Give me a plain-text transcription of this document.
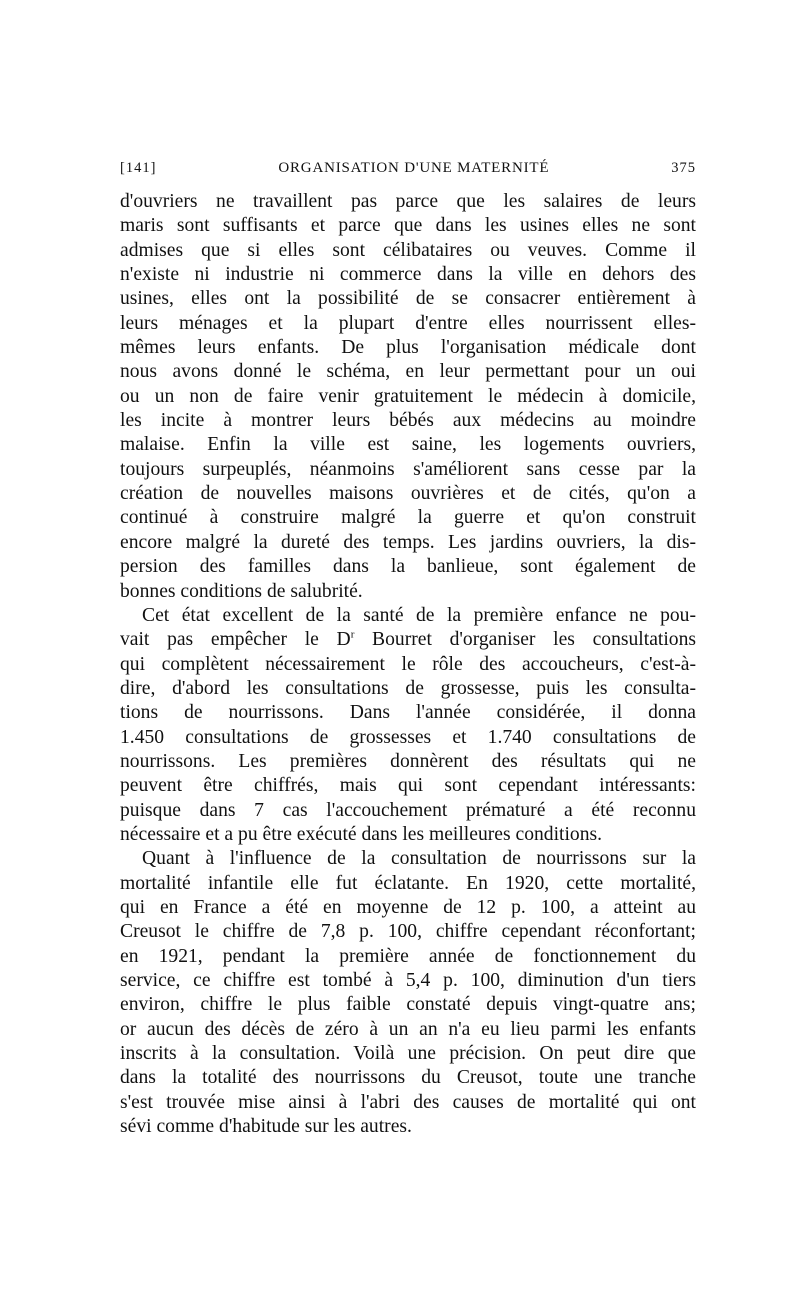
[141]	ORGANISATION D'UNE MATERNITÉ	375
d'ouvriers ne travaillent pas parce que les salaires de leurs
maris sont suffisants et parce que dans les usines elles ne sont
admises que si elles sont célibataires ou veuves. Comme il
n'existe ni industrie ni commerce dans la ville en dehors des
usines, elles ont la possibilité de se consacrer entièrement à
leurs ménages et la plupart d'entre elles nourrissent elles-
mêmes leurs enfants. De plus l'organisation médicale dont
nous avons donné le schéma, en leur permettant pour un oui
ou un non de faire venir gratuitement le médecin à domicile,
les incite à montrer leurs bébés aux médecins au moindre
malaise. Enfin la ville est saine, les logements ouvriers,
toujours surpeuplés, néanmoins s'améliorent sans cesse par la
création de nouvelles maisons ouvrières et de cités, qu'on a
continué à construire malgré la guerre et qu'on construit
encore malgré la dureté des temps. Les jardins ouvriers, la dis-
persion des familles dans la banlieue, sont également de
bonnes conditions de salubrité.
Cet état excellent de la santé de la première enfance ne pou-
vait pas empêcher le $D^r$ Bourret d'organiser les consultations
qui complètent nécessairement le rôle des accoucheurs, c'est-à-
dire, d'abord les consultations de grossesse, puis les consulta-
tions de nourrissons. Dans l'année considérée, il donna
1.450 consultations de grossesses et 1.740 consultations de
nourrissons. Les premières donnèrent des résultats qui ne
peuvent être chiffrés, mais qui sont cependant intéressants:
puisque dans 7 cas l'accouchement prématuré a été reconnu
nécessaire et a pu être exécuté dans les meilleures conditions.
Quant à l'influence de la consultation de nourrissons sur la
mortalité infantile elle fut éclatante. En 1920, cette mortalité,
qui en France a été en moyenne de 12 p. 100, a atteint au
Creusot le chiffre de 7,8 p. 100, chiffre cependant réconfortant;
en 1921, pendant la première année de fonctionnement du
service, ce chiffre est tombé à 5,4 p. 100, diminution d'un tiers
environ, chiffre le plus faible constaté depuis vingt-quatre ans;
or aucun des décès de zéro à un an n'a eu lieu parmi les enfants
inscrits à la consultation. Voilà une précision. On peut dire que
dans la totalité des nourrissons du Creusot, toute une tranche
s'est trouvée mise ainsi à l'abri des causes de mortalité qui ont
sévi comme d'habitude sur les autres.
